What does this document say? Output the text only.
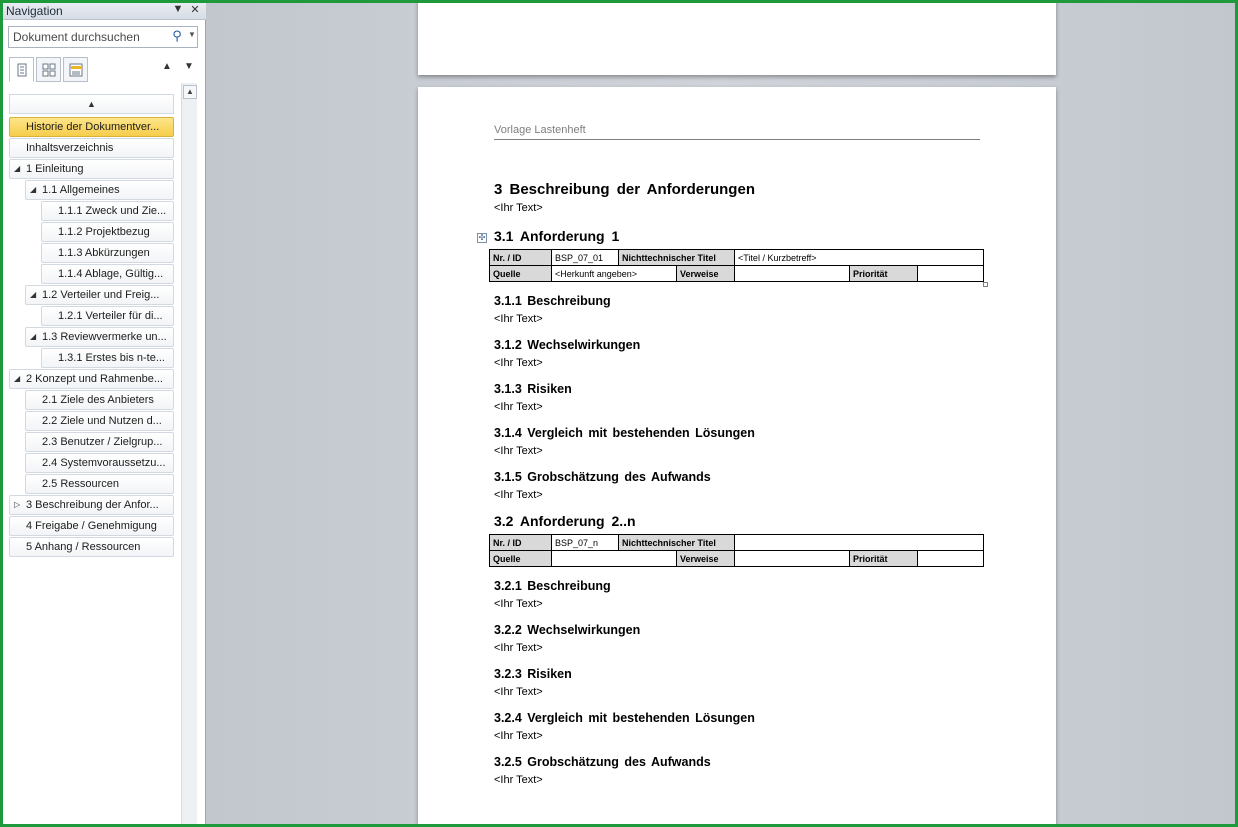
Navigation	▼ ✕
Dokument durchsuchen
⚲ ▼
▲ ▼
▲
Historie der Dokumentver...
Inhaltsverzeichnis
◢ 1 Einleitung
◢ 1.1 Allgemeines
1.1.1 Zweck und Zie...
1.1.2 Projektbezug
1.1.3 Abkürzungen
1.1.4 Ablage, Gültig...
◢ 1.2 Verteiler und Freig...
1.2.1 Verteiler für di...
◢ 1.3 Reviewvermerke un...
1.3.1 Erstes bis n-te...
◢ 2 Konzept und Rahmenbe...
2.1 Ziele des Anbieters
2.2 Ziele und Nutzen d...
2.3 Benutzer / Zielgrup...
2.4 Systemvoraussetzu...
2.5 Ressourcen
▷ 3 Beschreibung der Anfor...
4 Freigabe / Genehmigung
5 Anhang / Ressourcen
▲
Vorlage Lastenheft
3 Beschreibung der Anforderungen
<Ihr Text>
3.1 Anforderung 1
✣
Nr. / ID	BSP_07_01	Nichttechnischer Titel		<Titel / Kurzbetreff>		
Quelle	<Herkunft angeben>		Verweise		Priorität	
3.1.1 Beschreibung
<Ihr Text>
3.1.2 Wechselwirkungen
<Ihr Text>
3.1.3 Risiken
<Ihr Text>
3.1.4 Vergleich mit bestehenden Lösungen
<Ihr Text>
3.1.5 Grobschätzung des Aufwands
<Ihr Text>
3.2 Anforderung 2..n
Nr. / ID	BSP_07_n	Nichttechnischer Titel				
Quelle			Verweise		Priorität	
3.2.1 Beschreibung
<Ihr Text>
3.2.2 Wechselwirkungen
<Ihr Text>
3.2.3 Risiken
<Ihr Text>
3.2.4 Vergleich mit bestehenden Lösungen
<Ihr Text>
3.2.5 Grobschätzung des Aufwands
<Ihr Text>
